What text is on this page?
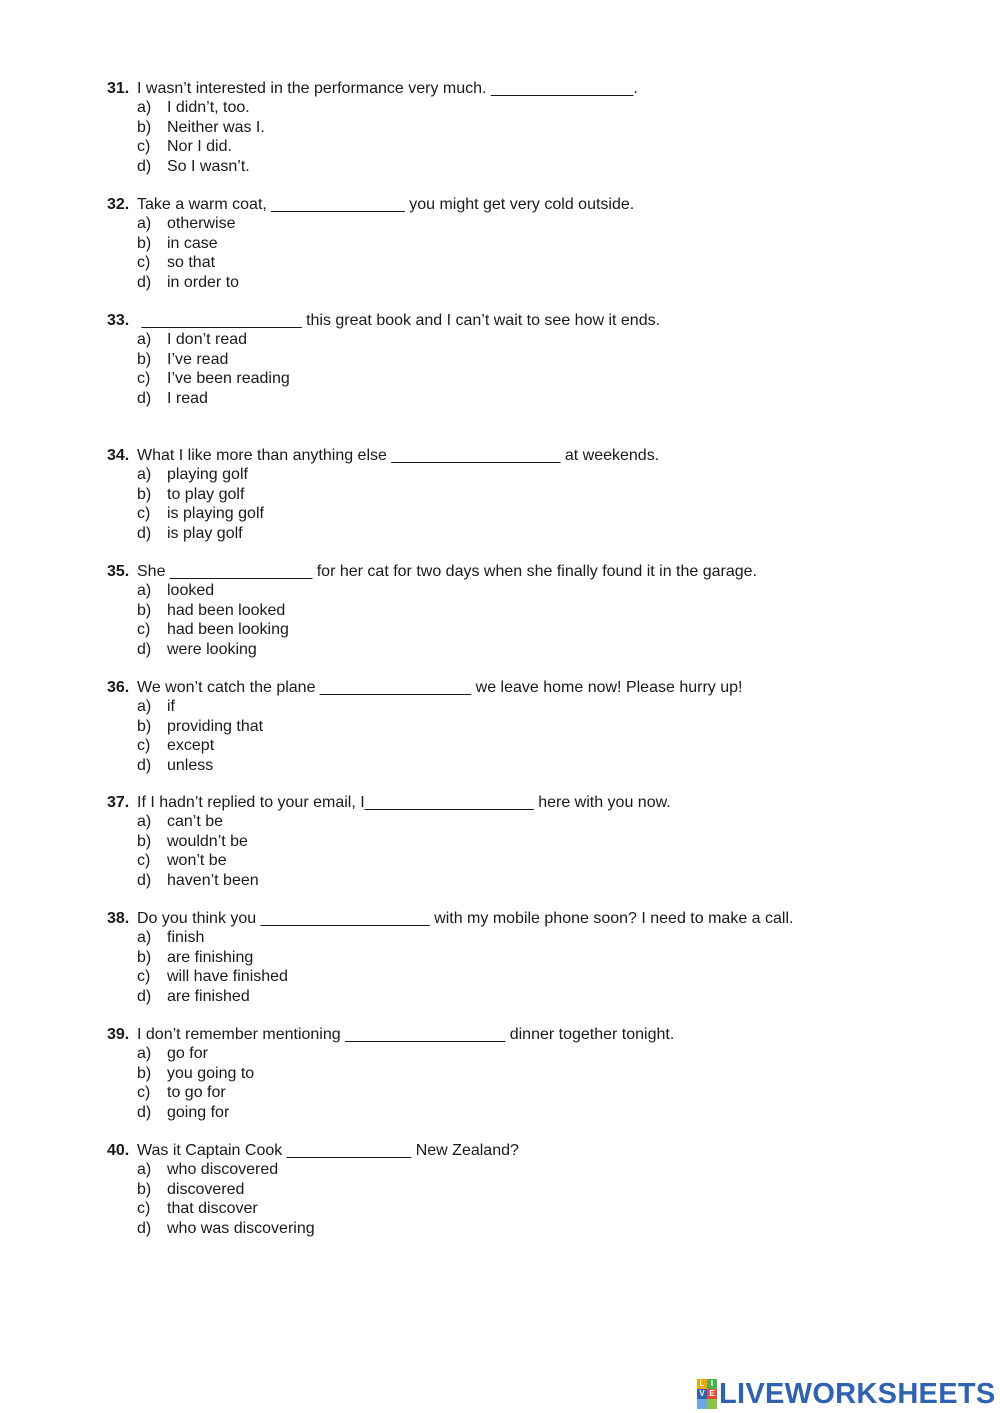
31. I wasn’t interested in the performance very much. ________________.
a) I didn’t, too.
b) Neither was I.
c) Nor I did.
d) So I wasn’t.
32. Take a warm coat, _______________ you might get very cold outside.
a) otherwise
b) in case
c) so that
d) in order to
33. __________________ this great book and I can’t wait to see how it ends.
a) I don’t read
b) I’ve read
c) I’ve been reading
d) I read
34. What I like more than anything else ___________________ at weekends.
a) playing golf
b) to play golf
c) is playing golf
d) is play golf
35. She ________________ for her cat for two days when she finally found it in the garage.
a) looked
b) had been looked
c) had been looking
d) were looking
36. We won’t catch the plane _________________ we leave home now! Please hurry up!
a) if
b) providing that
c) except
d) unless
37. If I hadn’t replied to your email, I___________________ here with you now.
a) can’t be
b) wouldn’t be
c) won’t be
d) haven’t been
38. Do you think you ___________________ with my mobile phone soon? I need to make a call.
a) finish
b) are finishing
c) will have finished
d) are finished
39. I don’t remember mentioning __________________ dinner together tonight.
a) go for
b) you going to
c) to go for
d) going for
40. Was it Captain Cook ______________ New Zealand?
a) who discovered
b) discovered
c) that discover
d) who was discovering
L I
V E LIVEWORKSHEETS
